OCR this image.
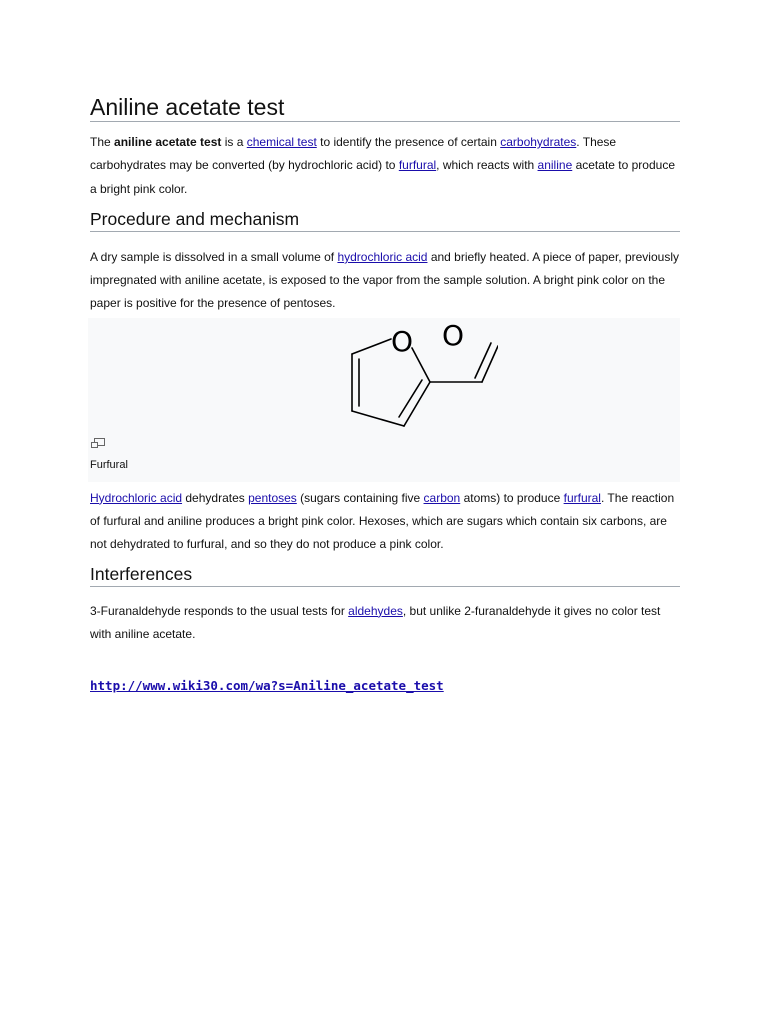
Aniline acetate test

The aniline acetate test is a chemical test to identify the presence of certain carbohydrates. These carbohydrates may be converted (by hydrochloric acid) to furfural, which reacts with aniline acetate to produce a bright pink color.

Procedure and mechanism

A dry sample is dissolved in a small volume of hydrochloric acid and briefly heated. A piece of paper, previously impregnated with aniline acetate, is exposed to the vapor from the sample solution. A bright pink color on the paper is positive for the presence of pentoses.

O O
Furfural

Hydrochloric acid dehydrates pentoses (sugars containing five carbon atoms) to produce furfural. The reaction of furfural and aniline produces a bright pink color. Hexoses, which are sugars which contain six carbons, are not dehydrated to furfural, and so they do not produce a pink color.

Interferences

3-Furanaldehyde responds to the usual tests for aldehydes, but unlike 2-furanaldehyde it gives no color test with aniline acetate.

http://www.wiki30.com/wa?s=Aniline_acetate_test
